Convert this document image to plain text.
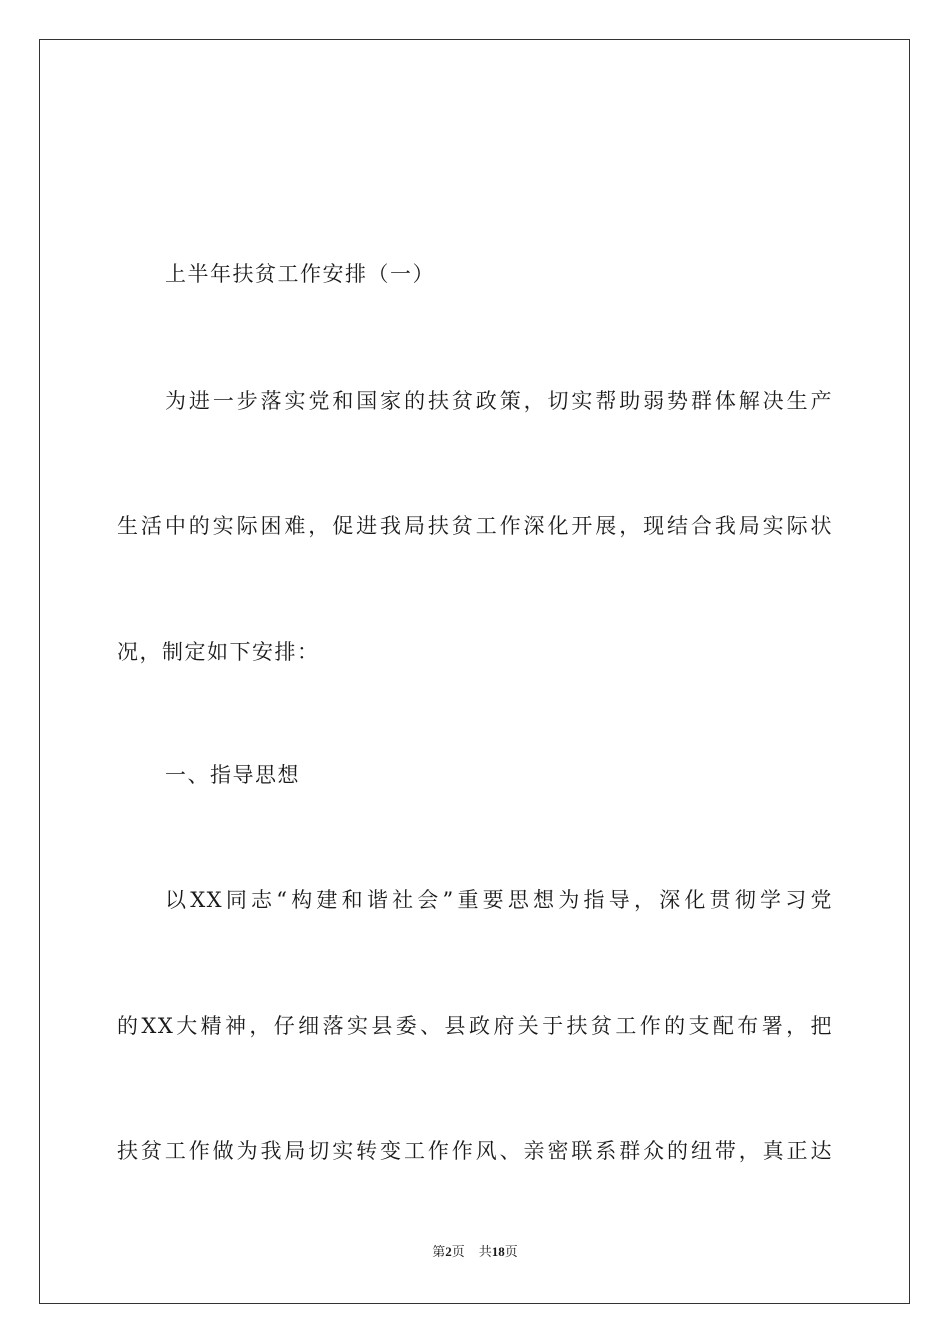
上半年扶贫工作安排（一）
为进一步落实党和国家的扶贫政策，切实帮助弱势群体解决生产
生活中的实际困难，促进我局扶贫工作深化开展，现结合我局实际状
况，制定如下安排：
一、指导思想
以XX同志“构建和谐社会”重要思想为指导，深化贯彻学习党
的XX大精神，仔细落实县委、县政府关于扶贫工作的支配布署，把
扶贫工作做为我局切实转变工作作风、亲密联系群众的纽带，真正达
第2页 共18页
